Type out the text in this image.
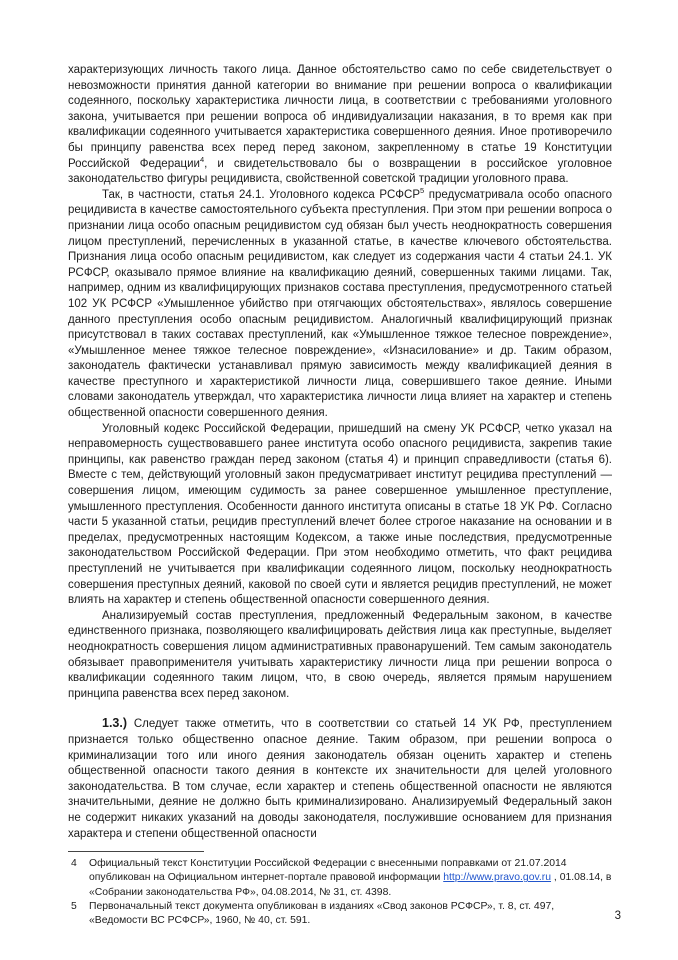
характеризующих личность такого лица. Данное обстоятельство само по себе свидетельствует о невозможности принятия данной категории во внимание при решении вопроса о квалификации содеянного, поскольку характеристика личности лица, в соответствии с требованиями уголовного закона, учитывается при решении вопроса об индивидуализации наказания, в то время как при квалификации содеянного учитывается характеристика совершенного деяния. Иное противоречило бы принципу равенства всех перед перед законом, закрепленному в статье 19 Конституции Российской Федерации$^4$, и свидетельствовало бы о возвращении в российское уголовное законодательство фигуры рецидивиста, свойственной советской традиции уголовного права.

Так, в частности, статья 24.1. Уголовного кодекса РСФСР$^5$ предусматривала особо опасного рецидивиста в качестве самостоятельного субъекта преступления. При этом при решении вопроса о признании лица особо опасным рецидивистом суд обязан был учесть неоднократность совершения лицом преступлений, перечисленных в указанной статье, в качестве ключевого обстоятельства. Признания лица особо опасным рецидивистом, как следует из содержания части 4 статьи 24.1. УК РСФСР, оказывало прямое влияние на квалификацию деяний, совершенных такими лицами. Так, например, одним из квалифицирующих признаков состава преступления, предусмотренного статьей 102 УК РСФСР «Умышленное убийство при отягчающих обстоятельствах», являлось совершение данного преступления особо опасным рецидивистом. Аналогичный квалифицирующий признак присутствовал в таких составах преступлений, как «Умышленное тяжкое телесное повреждение», «Умышленное менее тяжкое телесное повреждение», «Изнасилование» и др. Таким образом, законодатель фактически устанавливал прямую зависимость между квалификацией деяния в качестве преступного и характеристикой личности лица, совершившего такое деяние. Иными словами законодатель утверждал, что характеристика личности лица влияет на характер и степень общественной опасности совершенного деяния.

Уголовный кодекс Российской Федерации, пришедший на смену УК РСФСР, четко указал на неправомерность существовавшего ранее института особо опасного рецидивиста, закрепив такие принципы, как равенство граждан перед законом (статья 4) и принцип справедливости (статья 6). Вместе с тем, действующий уголовный закон предусматривает институт рецидива преступлений — совершения лицом, имеющим судимость за ранее совершенное умышленное преступление, умышленного преступления. Особенности данного института описаны в статье 18 УК РФ. Согласно части 5 указанной статьи, рецидив преступлений влечет более строгое наказание на основании и в пределах, предусмотренных настоящим Кодексом, а также иные последствия, предусмотренные законодательством Российской Федерации. При этом необходимо отметить, что факт рецидива преступлений не учитывается при квалификации содеянного лицом, поскольку неоднократность совершения преступных деяний, каковой по своей сути и является рецидив преступлений, не может влиять на характер и степень общественной опасности совершенного деяния.

Анализируемый состав преступления, предложенный Федеральным законом, в качестве единственного признака, позволяющего квалифицировать действия лица как преступные, выделяет неоднократность совершения лицом административных правонарушений. Тем самым законодатель обязывает правоприменителя учитывать характеристику личности лица при решении вопроса о квалификации содеянного таким лицом, что, в свою очередь, является прямым нарушением принципа равенства всех перед законом.

1.3.) Следует также отметить, что в соответствии со статьей 14 УК РФ, преступлением признается только общественно опасное деяние. Таким образом, при решении вопроса о криминализации того или иного деяния законодатель обязан оценить характер и степень общественной опасности такого деяния в контексте их значительности для целей уголовного законодательства. В том случае, если характер и степень общественной опасности не являются значительными, деяние не должно быть криминализировано. Анализируемый Федеральный закон не содержит никаких указаний на доводы законодателя, послужившие основанием для признания характера и степени общественной опасности

4	Официальный текст Конституции Российской Федерации с внесенными поправками от 21.07.2014 опубликован на Официальном интернет-портале правовой информации http://www.pravo.gov.ru , 01.08.14, в «Собрании законодательства РФ», 04.08.2014, № 31, ст. 4398.
5	Первоначальный текст документа опубликован в изданиях «Свод законов РСФСР», т. 8, ст. 497, «Ведомости ВС РСФСР», 1960, № 40, ст. 591.	3
